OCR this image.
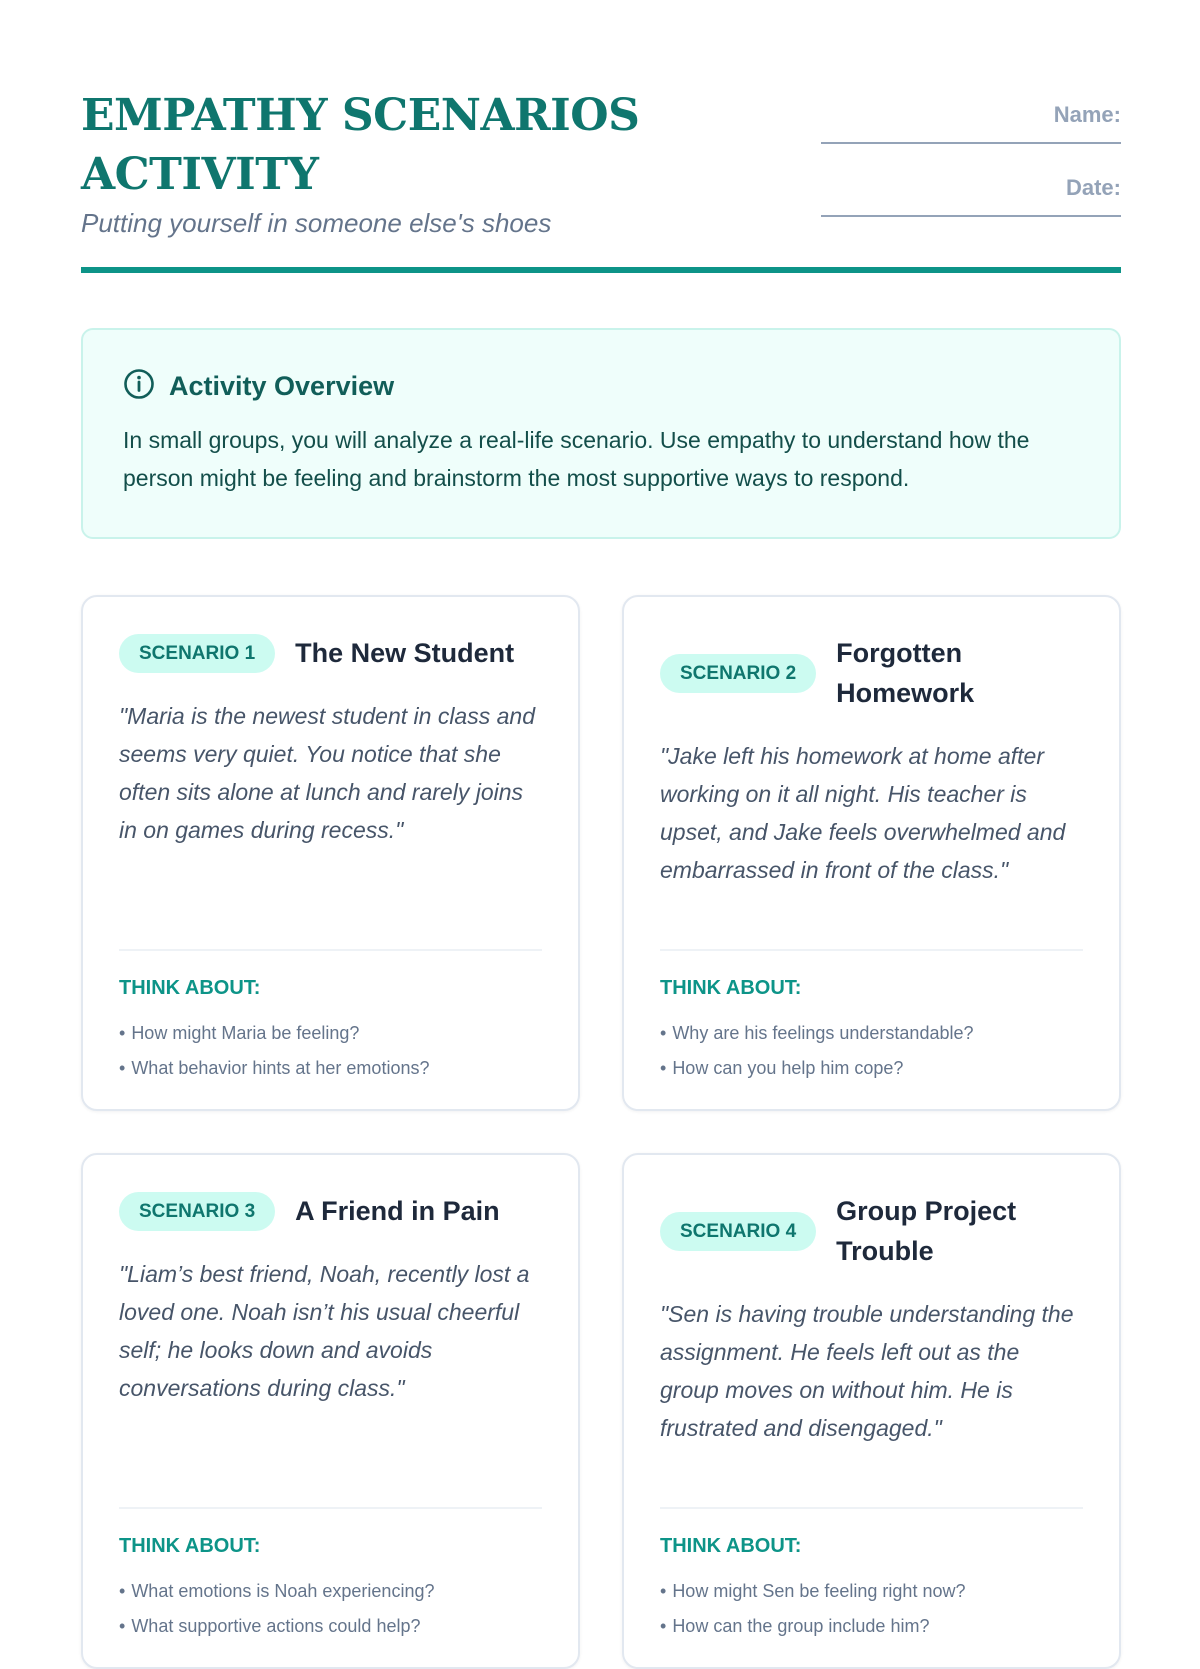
EMPATHY SCENARIOS ACTIVITY
Putting yourself in someone else's shoes
Name:
Date:
Activity Overview
In small groups, you will analyze a real-life scenario. Use empathy to understand how the person might be feeling and brainstorm the most supportive ways to respond.
SCENARIO 1	The New Student
"Maria is the newest student in class and seems very quiet. You notice that she often sits alone at lunch and rarely joins in on games during recess."
THINK ABOUT:
• How might Maria be feeling?
• What behavior hints at her emotions?
SCENARIO 2
Forgotten Homework
"Jake left his homework at home after working on it all night. His teacher is upset, and Jake feels overwhelmed and embarrassed in front of the class."
THINK ABOUT:
• Why are his feelings understandable?
• How can you help him cope?
SCENARIO 3	A Friend in Pain
"Liam’s best friend, Noah, recently lost a loved one. Noah isn’t his usual cheerful self; he looks down and avoids conversations during class."
THINK ABOUT:
• What emotions is Noah experiencing?
• What supportive actions could help?
SCENARIO 4
Group Project Trouble
"Sen is having trouble understanding the assignment. He feels left out as the group moves on without him. He is frustrated and disengaged."
THINK ABOUT:
• How might Sen be feeling right now?
• How can the group include him?
